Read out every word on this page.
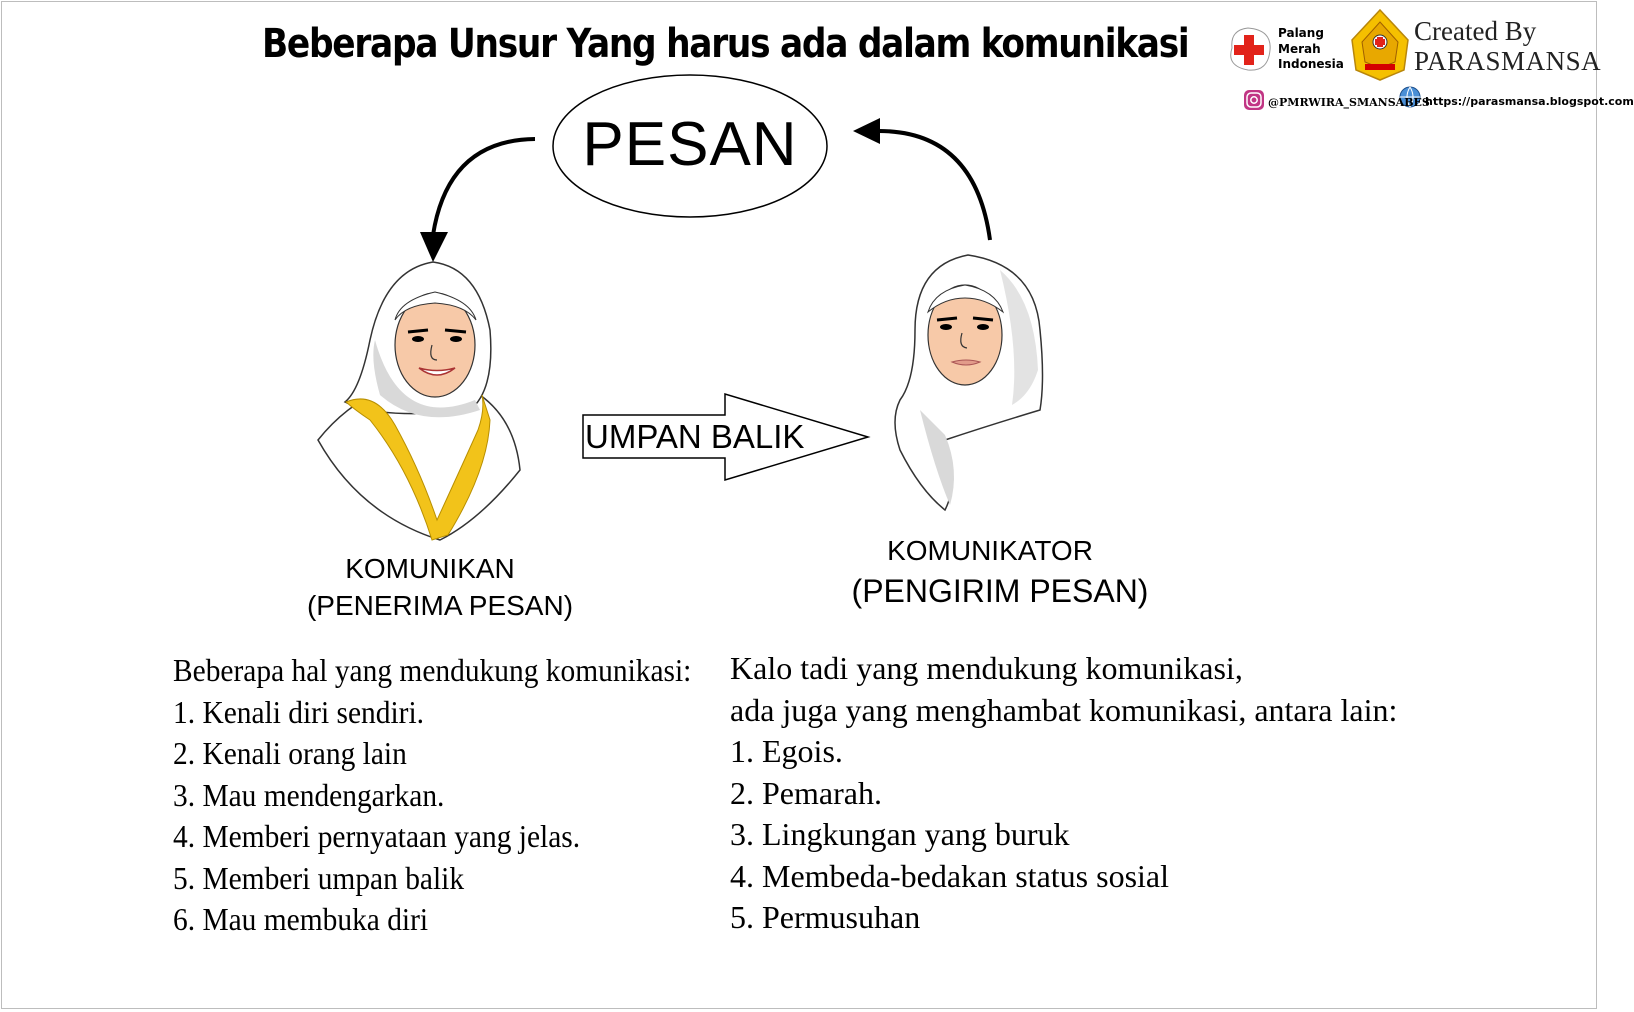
Beberapa Unsur Yang harus ada dalam komunikasi
PESAN
UMPAN BALIK
KOMUNIKAN
(PENERIMA PESAN)
KOMUNIKATOR
(PENGIRIM PESAN)
Palang
Merah
Indonesia
Created By
PARASMANSA
@PMRWIRA_SMANSABES
https://parasmansa.blogspot.com
Beberapa hal yang mendukung komunikasi:
1. Kenali diri sendiri.
2. Kenali orang lain
3. Mau mendengarkan.
4. Memberi pernyataan yang jelas.
5. Memberi umpan balik
6. Mau membuka diri
Kalo tadi yang mendukung komunikasi,
ada juga yang menghambat komunikasi, antara lain:
1. Egois.
2. Pemarah.
3. Lingkungan yang buruk
4. Membeda-bedakan status sosial
5. Permusuhan
